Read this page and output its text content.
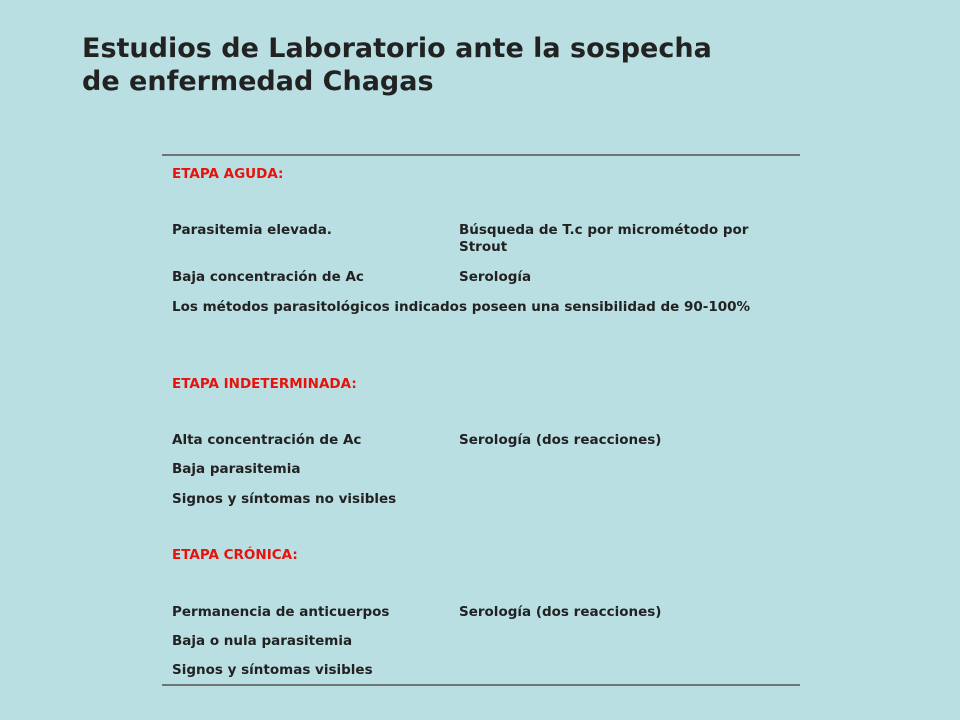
Estudios de Laboratorio ante la sospecha
de enfermedad Chagas
ETAPA AGUDA:
Parasitemia elevada.	Búsqueda de T.c por micrométodo por Strout
Baja concentración de Ac	Serología
Los métodos parasitológicos indicados poseen una sensibilidad de 90-100%
ETAPA INDETERMINADA:
Alta concentración de Ac	Serología (dos reacciones)
Baja parasitemia
Signos y síntomas no visibles
ETAPA CRÓNICA:
Permanencia de anticuerpos	Serología (dos reacciones)
Baja o nula parasitemia
Signos y síntomas visibles
